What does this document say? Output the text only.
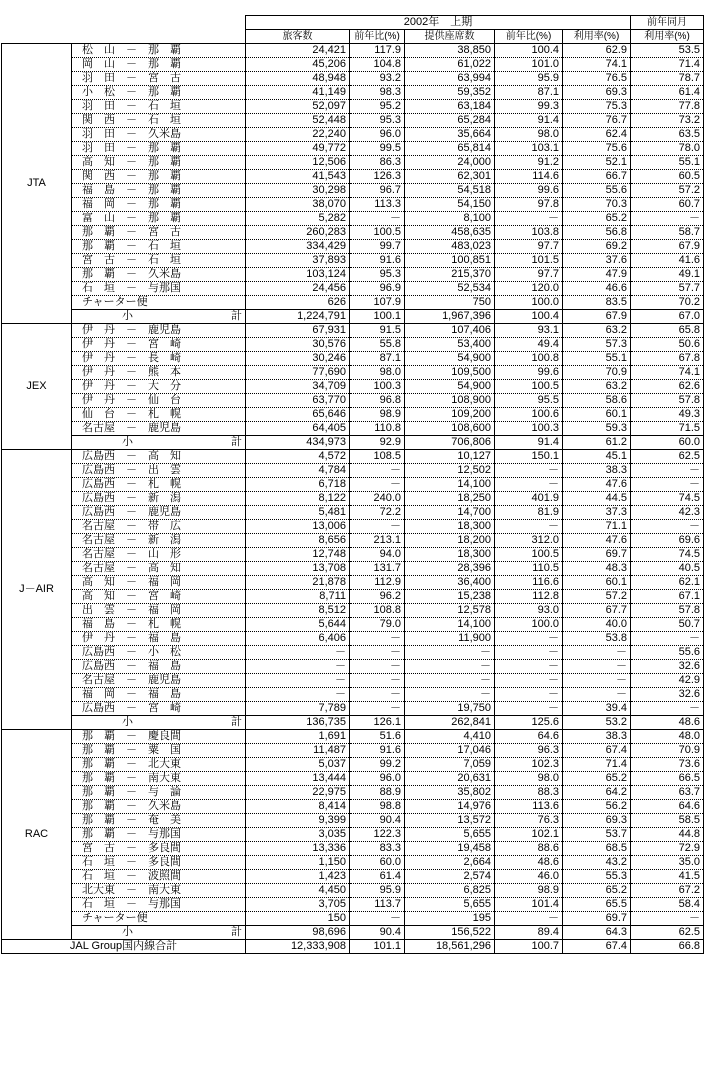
		2002年　上期					前年同月
		旅客数	前年比(%)	提供座席数	前年比(%)	利用率(%)	利用率(%)
JTA	松　山　－　那　覇	24,421	117.9	38,850	100.4	62.9	53.5
	岡　山　－　那　覇	45,206	104.8	61,022	101.0	74.1	71.4
	羽　田　－　宮　古	48,948	93.2	63,994	95.9	76.5	78.7
	小　松　－　那　覇	41,149	98.3	59,352	87.1	69.3	61.4
	羽　田　－　石　垣	52,097	95.2	63,184	99.3	75.3	77.8
	関　西　－　石　垣	52,448	95.3	65,284	91.4	76.7	73.2
	羽　田　－　久米島	22,240	96.0	35,664	98.0	62.4	63.5
	羽　田　－　那　覇	49,772	99.5	65,814	103.1	75.6	78.0
	高　知　－　那　覇	12,506	86.3	24,000	91.2	52.1	55.1
	関　西　－　那　覇	41,543	126.3	62,301	114.6	66.7	60.5
	福　島　－　那　覇	30,298	96.7	54,518	99.6	55.6	57.2
	福　岡　－　那　覇	38,070	113.3	54,150	97.8	70.3	60.7
	富　山　－　那　覇	5,282	－	8,100	－	65.2	－
	那　覇　－　宮　古	260,283	100.5	458,635	103.8	56.8	58.7
	那　覇　－　石　垣	334,429	99.7	483,023	97.7	69.2	67.9
	宮　古　－　石　垣	37,893	91.6	100,851	101.5	37.6	41.6
	那　覇　－　久米島	103,124	95.3	215,370	97.7	47.9	49.1
	石　垣　－　与那国	24,456	96.9	52,534	120.0	46.6	57.7
	チャーター便	626	107.9	750	100.0	83.5	70.2

	小 計	1,224,791	100.1	1,967,396	100.4	67.9	67.0
JEX	伊　丹　－　鹿児島	67,931	91.5	107,406	93.1	63.2	65.8
	伊　丹　－　宮　崎	30,576	55.8	53,400	49.4	57.3	50.6
	伊　丹　－　長　崎	30,246	87.1	54,900	100.8	55.1	67.8
	伊　丹　－　熊　本	77,690	98.0	109,500	99.6	70.9	74.1
	伊　丹　－　大　分	34,709	100.3	54,900	100.5	63.2	62.6
	伊　丹　－　仙　台	63,770	96.8	108,900	95.5	58.6	57.8
	仙　台　－　札　幌	65,646	98.9	109,200	100.6	60.1	49.3
	名古屋　－　鹿児島	64,405	110.8	108,600	100.3	59.3	71.5

	小 計	434,973	92.9	706,806	91.4	61.2	60.0
J－AIR	広島西　－　高　知	4,572	108.5	10,127	150.1	45.1	62.5
	広島西　－　出　雲	4,784	－	12,502	－	38.3	－
	広島西　－　札　幌	6,718	－	14,100	－	47.6	－
	広島西　－　新　潟	8,122	240.0	18,250	401.9	44.5	74.5
	広島西　－　鹿児島	5,481	72.2	14,700	81.9	37.3	42.3
	名古屋　－　帯　広	13,006	－	18,300	－	71.1	－
	名古屋　－　新　潟	8,656	213.1	18,200	312.0	47.6	69.6
	名古屋　－　山　形	12,748	94.0	18,300	100.5	69.7	74.5
	名古屋　－　高　知	13,708	131.7	28,396	110.5	48.3	40.5
	高　知　－　福　岡	21,878	112.9	36,400	116.6	60.1	62.1
	高　知　－　宮　崎	8,711	96.2	15,238	112.8	57.2	67.1
	出　雲　－　福　岡	8,512	108.8	12,578	93.0	67.7	57.8
	福　島　－　札　幌	5,644	79.0	14,100	100.0	40.0	50.7
	伊　丹　－　福　島	6,406	－	11,900	－	53.8	－
	広島西　－　小　松	－	－	－	－	－	55.6
	広島西　－　福　島	－	－	－	－	－	32.6
	名古屋　－　鹿児島	－	－	－	－	－	42.9
	福　岡　－　福　島	－	－	－	－	－	32.6
	広島西　－　宮　崎	7,789	－	19,750	－	39.4	－

	小 計	136,735	126.1	262,841	125.6	53.2	48.6
RAC	那　覇　－　慶良間	1,691	51.6	4,410	64.6	38.3	48.0
	那　覇　－　粟　国	11,487	91.6	17,046	96.3	67.4	70.9
	那　覇　－　北大東	5,037	99.2	7,059	102.3	71.4	73.6
	那　覇　－　南大東	13,444	96.0	20,631	98.0	65.2	66.5
	那　覇　－　与　論	22,975	88.9	35,802	88.3	64.2	63.7
	那　覇　－　久米島	8,414	98.8	14,976	113.6	56.2	64.6
	那　覇　－　奄　美	9,399	90.4	13,572	76.3	69.3	58.5
	那　覇　－　与那国	3,035	122.3	5,655	102.1	53.7	44.8
	宮　古　－　多良間	13,336	83.3	19,458	88.6	68.5	72.9
	石　垣　－　多良間	1,150	60.0	2,664	48.6	43.2	35.0
	石　垣　－　波照間	1,423	61.4	2,574	46.0	55.3	41.5
	北大東　－　南大東	4,450	95.9	6,825	98.9	65.2	67.2
	石　垣　－　与那国	3,705	113.7	5,655	101.4	65.5	58.4
	チャーター便	150	－	195	－	69.7	－

	小 計	98,696	90.4	156,522	89.4	64.3	62.5
JAL Group国内線合計		12,333,908	101.1	18,561,296	100.7	67.4	66.8
